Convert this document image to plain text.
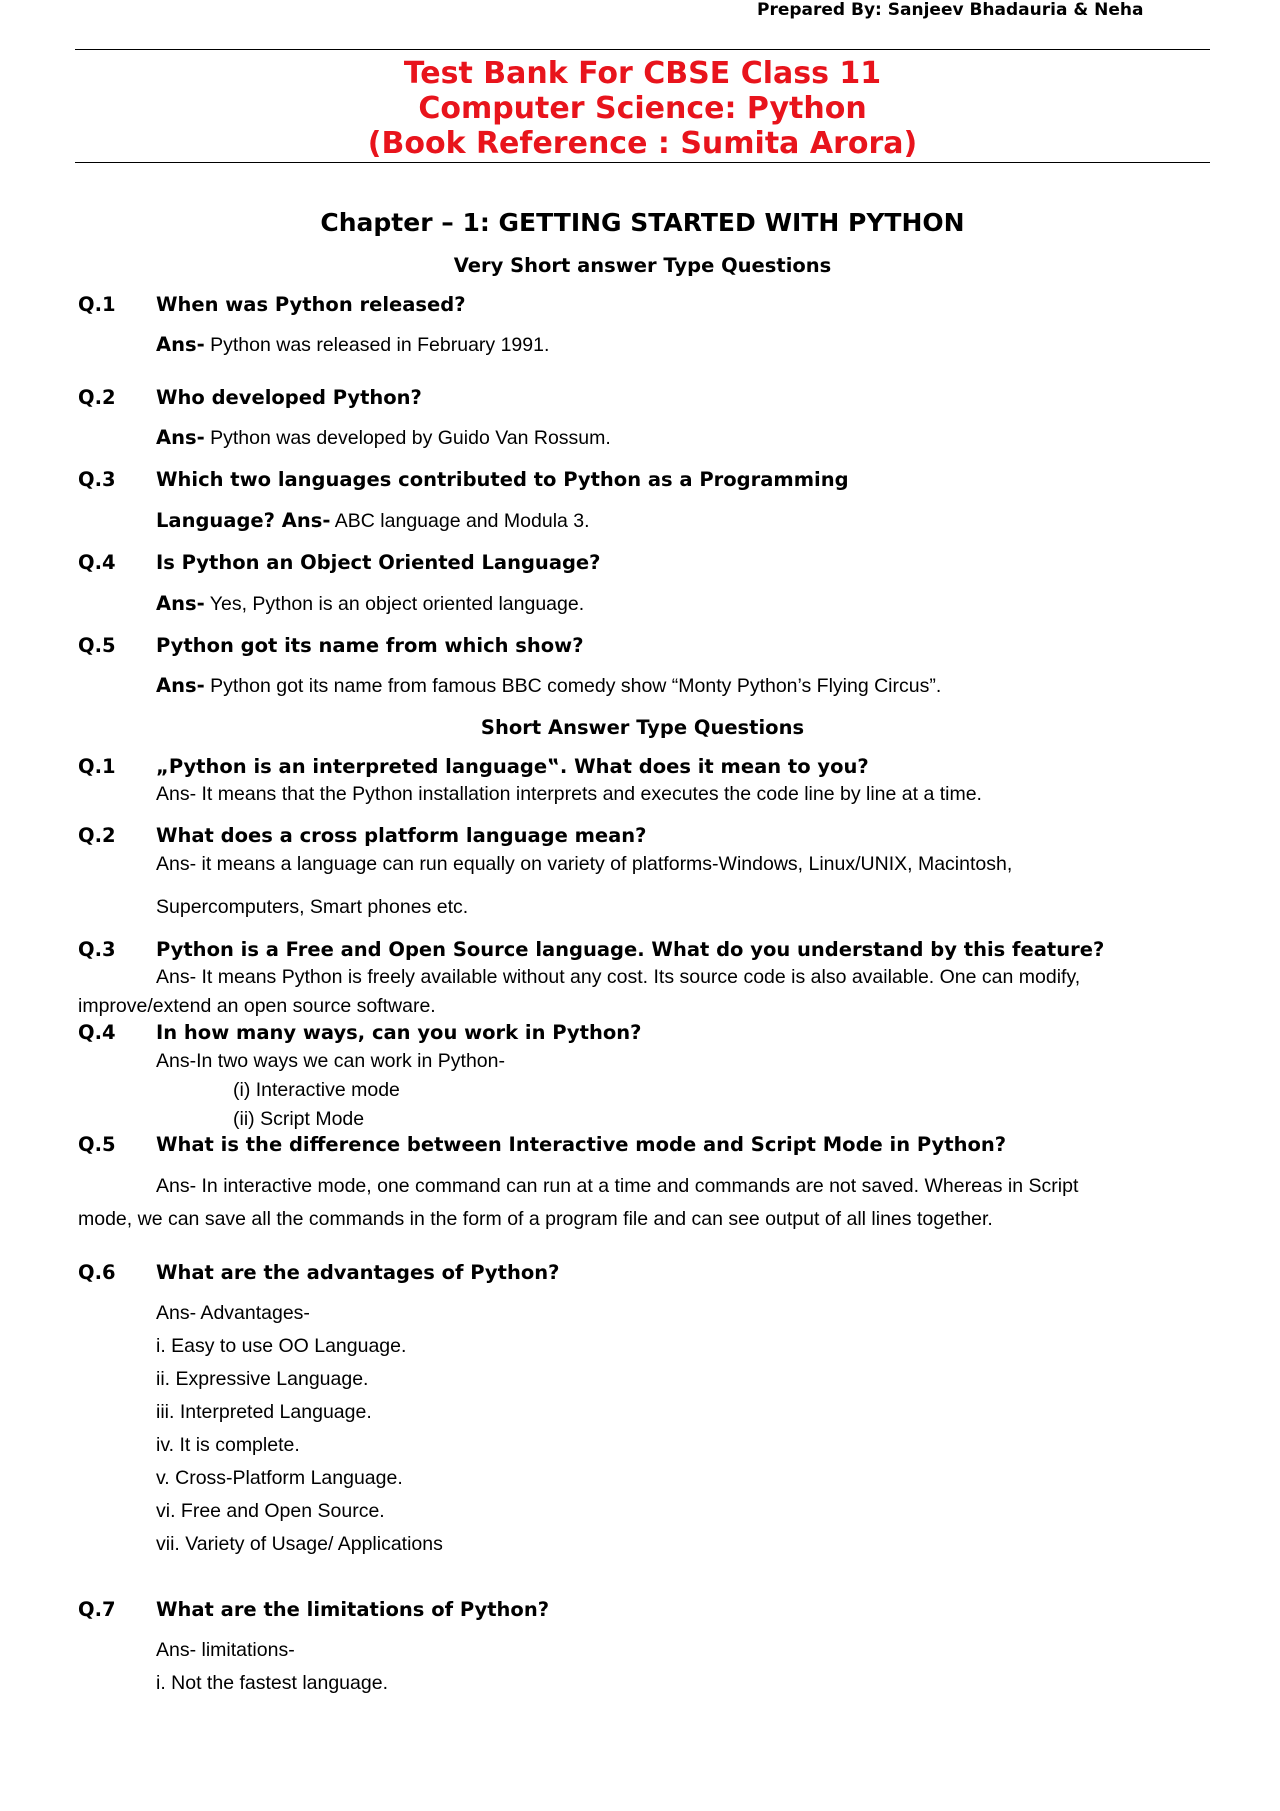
Prepared By: Sanjeev Bhadauria & Neha
Test Bank For CBSE Class 11
Computer Science: Python
(Book Reference : Sumita Arora)
Chapter – 1: GETTING STARTED WITH PYTHON
Very Short answer Type Questions
Q.1 When was Python released?
Ans- Python was released in February 1991.
Q.2 Who developed Python?
Ans- Python was developed by Guido Van Rossum.
Q.3 Which two languages contributed to Python as a Programming
Language? Ans- ABC language and Modula 3.
Q.4 Is Python an Object Oriented Language?
Ans- Yes, Python is an object oriented language.
Q.5 Python got its name from which show?
Ans- Python got its name from famous BBC comedy show “Monty Python’s Flying Circus”.
Short Answer Type Questions
Q.1 „Python is an interpreted language‟. What does it mean to you?
Ans- It means that the Python installation interprets and executes the code line by line at a time.
Q.2 What does a cross platform language mean?
Ans- it means a language can run equally on variety of platforms-Windows, Linux/UNIX, Macintosh,
Supercomputers, Smart phones etc.
Q.3 Python is a Free and Open Source language. What do you understand by this feature?
Ans- It means Python is freely available without any cost. Its source code is also available. One can modify,
improve/extend an open source software.
Q.4 In how many ways, can you work in Python?
Ans-In two ways we can work in Python-
(i) Interactive mode
(ii) Script Mode
Q.5 What is the difference between Interactive mode and Script Mode in Python?
Ans- In interactive mode, one command can run at a time and commands are not saved. Whereas in Script
mode, we can save all the commands in the form of a program file and can see output of all lines together.
Q.6 What are the advantages of Python?
Ans- Advantages-
i. Easy to use OO Language.
ii. Expressive Language.
iii. Interpreted Language.
iv. It is complete.
v. Cross-Platform Language.
vi. Free and Open Source.
vii. Variety of Usage/ Applications
Q.7 What are the limitations of Python?
Ans- limitations-
i. Not the fastest language.
